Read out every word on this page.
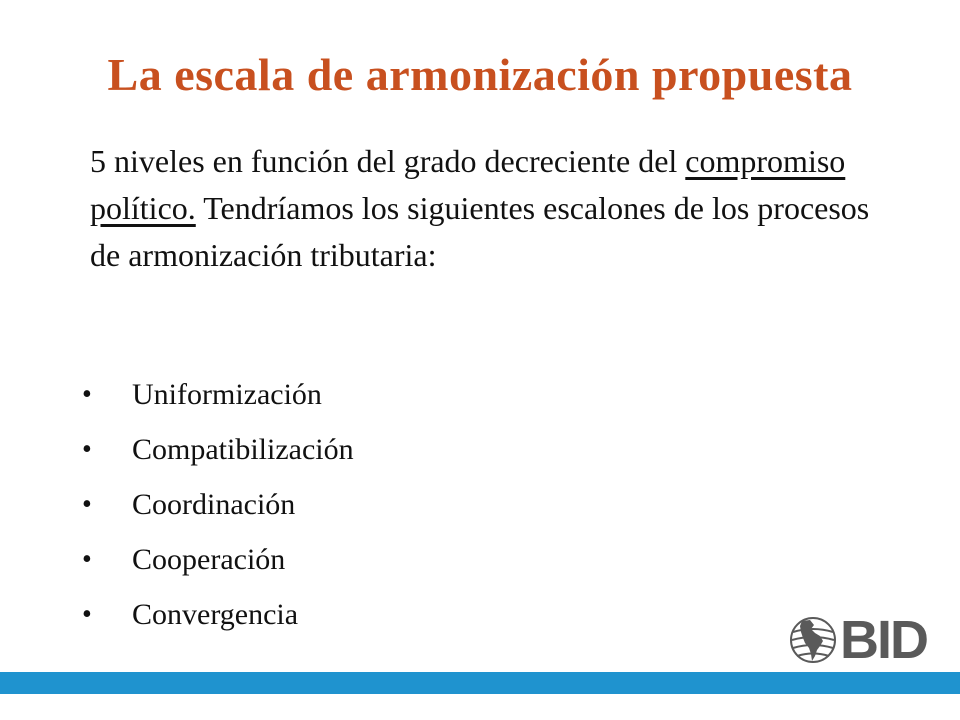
La escala de armonización propuesta

5 niveles en función del grado decreciente del compromiso político. Tendríamos los siguientes escalones de los procesos de armonización tributaria:

•	Uniformización
•	Compatibilización
•	Coordinación
•	Cooperación
•	Convergencia	BID
